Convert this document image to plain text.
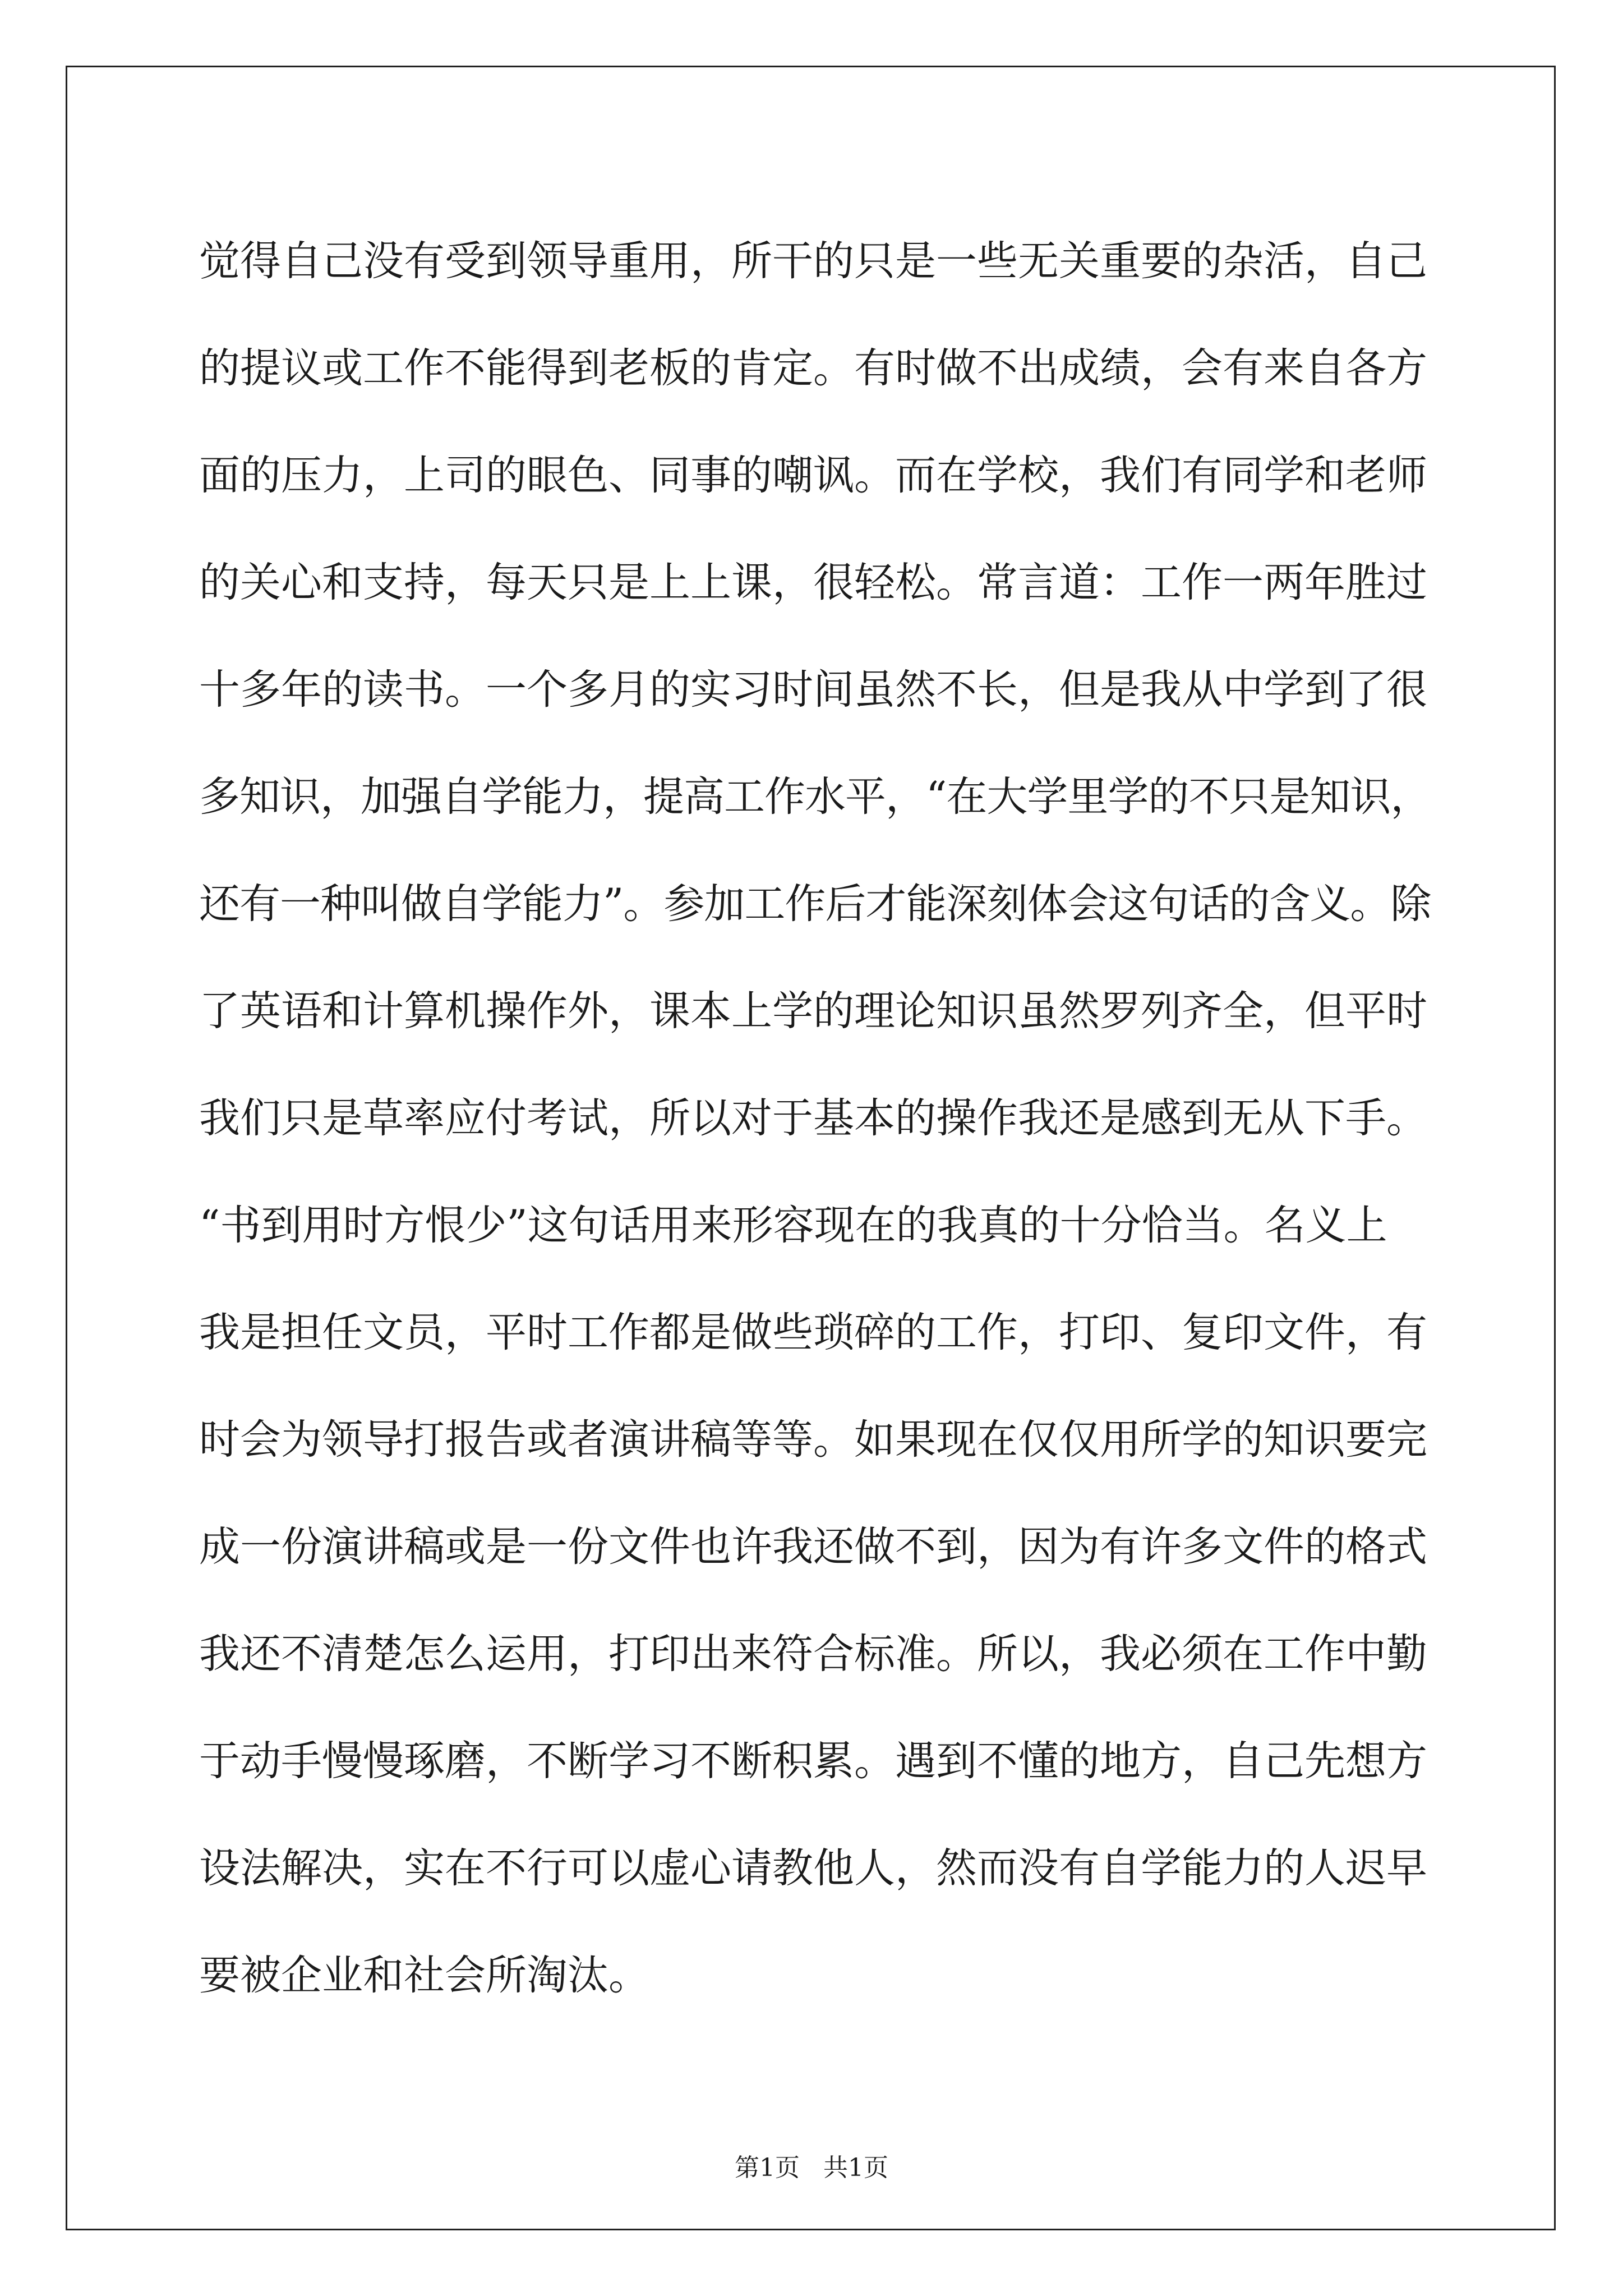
觉得自己没有受到领导重用，所干的只是一些无关重要的杂活，自己
的提议或工作不能得到老板的肯定。有时做不出成绩，会有来自各方
面的压力，上司的眼色、同事的嘲讽。而在学校，我们有同学和老师
的关心和支持，每天只是上上课，很轻松。常言道：工作一两年胜过
十多年的读书。一个多月的实习时间虽然不长，但是我从中学到了很
多知识，加强自学能力，提高工作水平，“在大学里学的不只是知识，
还有一种叫做自学能力”。参加工作后才能深刻体会这句话的含义。除
了英语和计算机操作外，课本上学的理论知识虽然罗列齐全，但平时
我们只是草率应付考试，所以对于基本的操作我还是感到无从下手。
“书到用时方恨少”这句话用来形容现在的我真的十分恰当。名义上
我是担任文员，平时工作都是做些琐碎的工作，打印、复印文件，有
时会为领导打报告或者演讲稿等等。如果现在仅仅用所学的知识要完
成一份演讲稿或是一份文件也许我还做不到，因为有许多文件的格式
我还不清楚怎么运用，打印出来符合标准。所以，我必须在工作中勤
于动手慢慢琢磨，不断学习不断积累。遇到不懂的地方，自己先想方
设法解决，实在不行可以虚心请教他人，然而没有自学能力的人迟早
要被企业和社会所淘汰。
第1页 共1页
